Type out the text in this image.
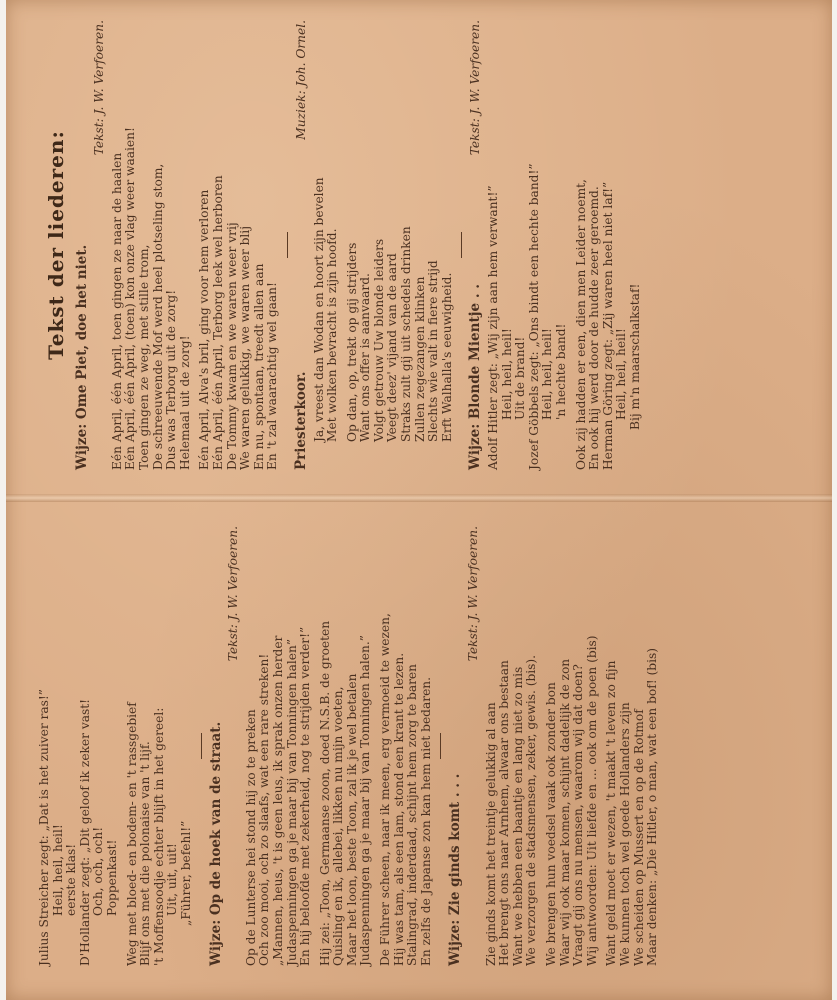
Tekst der liederen: Wijze: Ome Piet, doe het niet.
Tekst: J. W. Verfoeren.
Eén April, één April, toen gingen ze naar de haalen Eén April, één April, (toen) kon onze vlag weer waaien! Toen gingen ze weg, met stille trom, De schreeuwende Mof werd heel plotseling stom, Dus was Terborg uit de zorg! Helemaal uit de zorg! Eén April, Alva's bril, ging voor hem verloren Eén April, één April, Terborg leek wel herboren De Tommy kwam en we waren weer vrij We waren gelukkig, we waren weer blij En nu, spontaan, treedt allen aan En 't zal waarachtig wel gaan! Priesterkoor.
Muziek: Joh. Ornel.
Ja, vreest dan Wodan en hoort zijn bevelen Met wolken bevracht is zijn hoofd. Op dan, op, trekt op gij strijders Want ons offer is aanvaard. Volgt getrouw Uw blonde leiders Veegt deez' vijand van de aard Straks zult gij uit schedels drinken Zullen zegezangen klinken Slechts wie valt in fiere strijd Erft Walhalla's eeuwigheid. Wijze: Blonde Mientje . .
Tekst: J. W. Verfoeren.
Adolf Hitler zegt: „Wij zijn aan hem verwant!” Heil, heil, heil! Uit de brand! Jozef Göbbels zegt: „Ons bindt een hechte band!” Heil, heil, heil! 'n hechte band! Ook zij hadden er een, dien men Leider noemt, En ook hij werd door de hudde zeer geroemd. Herman Göring zegt: „Zij waren heel niet laf!” Heil, heil, heil! Bij m'n maarschalkstaf!
Julius Streicher zegt: „Dat is het zuiver ras!” Heil, heil, heil! eerste klas! D'Hollander zegt: „Dit geloof ik zeker vast! Och, och, och! Poppenkast! Weg met bloed- en bodem- en 't rassgebief Blijf ons met die polonaise van 't lijf. 't Moffensoodje echter blijft in het gereel: Uit, uit, uit! „Führer, befehl!” Wijze: Op de hoek van de straat.
Tekst: J. W. Verfoeren.
Op de Lunterse hei stond hij zo te preken Och zoo mooi, och zo slaafs, wat een rare streken! „Mannen, heus, 't is geen leus, ik sprak onzen herder Judaspenningen ga je maar bij van Tonningen halen” En hij beloofde met zekerheid, nog te strijden verder!” Hij zei: „Toon, Germaanse zoon, doed N.S.B. de groeten Quisling en ik, allebei, likken nu mijn voeten, Maar het loon, beste Toon, zal ik je wel betalen Judaspenningen ga je maar bij van Tonningen halen.” De Führer scheen, naar ik meen, erg vermoeid te wezen, Hij was tam, als een lam, stond een krant te lezen. Stalingrad, inderdaad, schijnt hem zorg te baren En zelfs de Japanse zon kan hem niet bedaren. Wijze: Zie ginds komt . . .
Tekst: J. W. Verfoeren.
Zie ginds komt het treintje gelukkig al aan Het brengt ons naar Arnhem, alwaar ons bestaan Want we hebben een baantje en lang niet zo mis We verzorgen de stadsmensen, zeker, gewis. (bis). We brengen hun voedsel vaak ook zonder bon Waar wij ook maar komen, schijnt dadelijk de zon Vraagt gij ons nu mensen, waarom wij dat doen? Wij antwoorden: Uit liefde en ... ook om de poen (bis) Want geld moet er wezen, 't maakt 't leven zo fijn We kunnen toch wel goede Hollanders zijn We scheiden op Mussert en op de Rotmof Maar denken: „Die Hitler, o man, wat een bof! (bis)
